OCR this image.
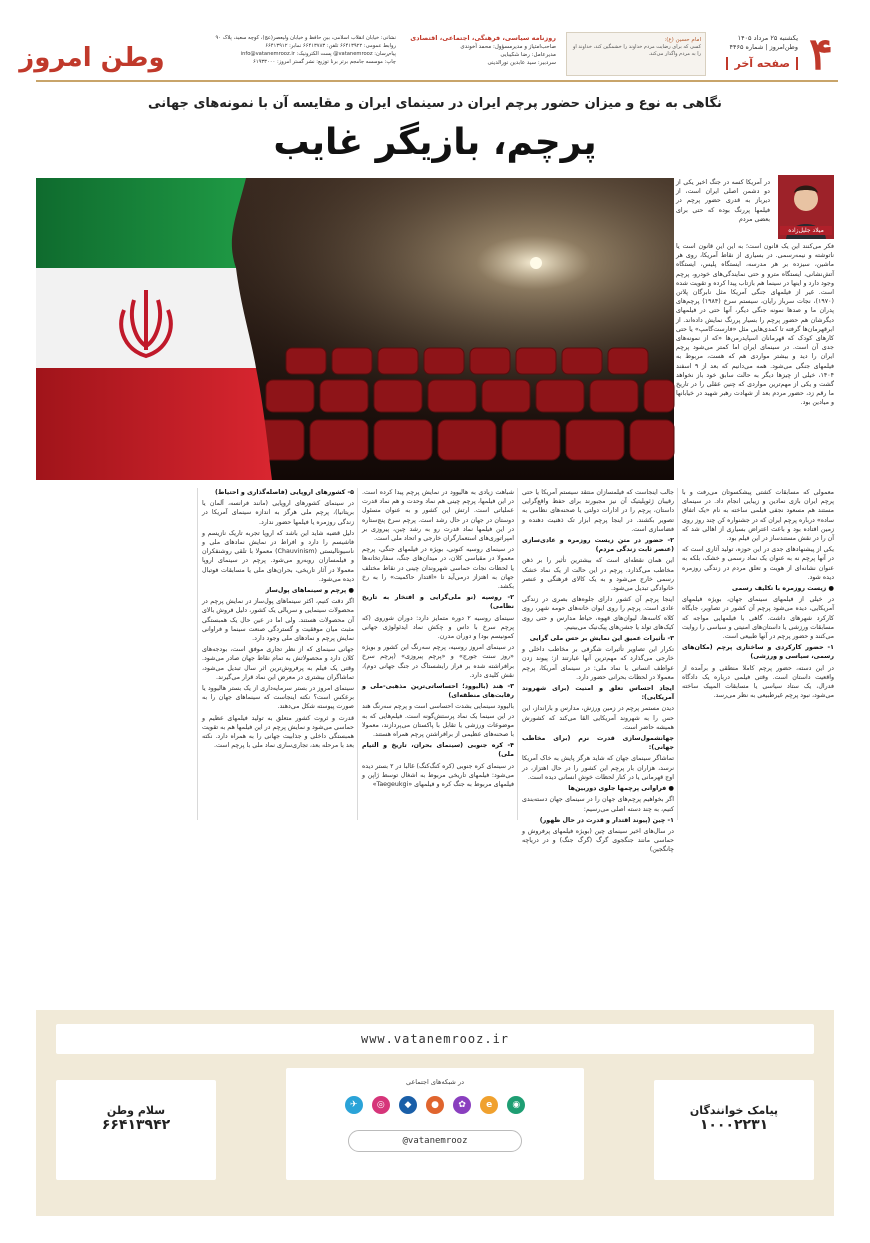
۴
یکشنبه ۲۵ مرداد ۱۴۰۵
وطن‌امروز | شماره ۴۴۶۵
صفحه آخر
امام حسین (ع):
کسی که برای رضایت مردم خداوند را خشمگین کند، خداوند او را به مردم واگذار می‌کند.
روزنامه سیاسی، فرهنگی، اجتماعی، اقتصادی
صاحب‌امتیاز و مدیرمسؤول: محمد آخوندی
مدیرعامل: رضا شکیبایی
سردبیر: سید عابدین نورالدینی
نشانی: خیابان انقلاب اسلامی، بین حافظ و خیابان ولیعصر(عج)، کوچه سعید، پلاک ۹۰
روابط عمومی: ۶۶۴۱۳۹۲۲ تلفن: ۶۶۴۱۳۷۸۳ نمابر: ۶۶۴۱۳۹۱۲
پیام‌رسان: vatanemrooz@ پست الکترونیک: info@vatanemrooz.ir
چاپ: موسسه جامجم برتر برنا توزیع: نشر گستر امروز: ۶۱۹۳۳۰۰۰
وطن امروز
نگاهی به نوع و میزان حضور پرچم ایران در سینمای ایران و مقایسه آن با نمونه‌های جهانی
پرچم، بازیگر غایب
میلاد جلیل‌زاده

در آمریکا کسه در جنگ اخیر یکی از دو دشمن اصلی ایران است، از دیرباز به قدری حضور پرچم در فیلمها پررنگ بوده که حتی برای بعضی مردم

فکر می‌کنند این یک قانون است؛ به این این قانون است یا ناتوشته و نیمه‌رسمی. در بسیاری از نقاط آمریکا، روی هر ماشین، سیزده بر هر مدرسه، ایستگاه پلیس، ایستگاه آتش‌نشانی، ایستگاه مترو و حتی نمایندگی‌های خودرو، پرچم وجود دارد و اینها در سینما هم بازتاب پیدا کرده و تقویت شده است. غیر از فیلمهای جنگی آمریکا مثل نابرگان پلاتن (۱۹۷۰)، نجات سرباز رایان، سیستم سرخ (۱۹۸۴) پرچم‌های پدران ما و صدها نمونه جنگی دیگر، آنها حتی در فیلمهای دیگرشان هم حضور پرچم را بسیار پررنگ نمایش داده‌اند. از ابرقهرمان‌ها گرفته تا کمدی‌هایی مثل «فارست‌گامپ» یا حتی کارهای کودک که قهرمانان اسپایدرمن‌ها «که از نمونه‌های جدی آن است. در سینمای ایران اما کمتر می‌شود پرچم ایران را دید و بیشتر مواردی هم که هست، مربوط به فیلمهای جنگی می‌شود. همه می‌دانیم که بعد از ۹ اسفند ۱۴۰۴، خیلی از چیزها دیگر به حالت سابق خود باز نخواهد گشت و یکی از مهم‌ترین مواردی که چنین عقلی را در تاریخ ما رقم زد، حضور مردم بعد از شهادت رهبر شهید در خیابانها و میادین بود.

معمولی که مسابقات کشتی پیشکسوتان می‌رفت و با پرچم ایران بازی نمادین و زیبایی انجام داد. در سینمای مستند هم مسعود نجفی فیلمی ساخته به نام «یک اتفاق ساده» درباره پرچم ایران که در جشنواره کن چند روز روی زمین افتاده بود و باعث اعتراض بسیاری از اهالی شد که آن را در نقش مستندساز در این فیلم بود.

یکی از پیشنهادهای جدی در این حوزه، تولید آثاری است که در آنها پرچم نه به عنوان یک نماد رسمی و خشک، بلکه به عنوان نشانه‌ای از هویت و تعلق مردم در زندگی روزمره دیده شود.

● زیست روزمره با تکلیف رسمی

در خیلی از فیلمهای سینمای جهان، بویژه فیلمهای آمریکایی، دیده می‌شود پرچم آن کشور در تصاویر، جایگاه کارکرد شهرهای داشت. گاهی با فیلمهایی مواجه که مسابقات ورزشی یا داستان‌های امنیتی و سیاسی را روایت می‌کنند و حضور پرچم در آنها طبیعی است.

۱- حضور کارکردی و ساختاری پرچم (مکان‌های رسمی، سیاسی و ورزشی)

در این دسته، حضور پرچم کاملا منطقی و برآمده از واقعیت داستان است. وقتی فیلمی درباره یک دادگاه فدرال، یک ستاد سیاسی یا مسابقات المپیک ساخته می‌شود، نبود پرچم غیرطبیعی به نظر می‌رسد.

جالب اینجاست که فیلمسازان منتقد سیستم آمریکا یا حتی رقیبان ژئوپلیتیک آن نیز مجبورند برای حفظ واقع‌گرایی داستان، پرچم را در ادارات دولتی یا صحنه‌های نظامی به تصویر بکشند. در اینجا پرچم ابزار تک ذهنیت دهنده و فضاسازی است.

۲- حضور در متن زیست روزمره و عادی‌سازی (عنصر ثابت زندگی مردم)

این همان نقطه‌ای است که بیشترین تأثیر را بر ذهن مخاطب می‌گذارد. پرچم در این حالت از یک نماد خشک رسمی خارج می‌شود و به یک کالای فرهنگی و عنصر خانوادگی تبدیل می‌شود.

اینجا پرچم آن کشور دارای جلوه‌های بصری در زندگی عادی است. پرچم را روی ایوان خانه‌های حومه شهر، روی کلاه کاسه‌ها، لیوان‌های قهوه، حیاط مدارس و حتی روی کیک‌های تولد یا جشن‌های پیک‌نیک می‌بینیم.

۳- تأثیرات عمیق این نمایش بر حس ملی گرایی

تکرار این تصاویر تأثیرات شگرفی بر مخاطب داخلی و خارجی می‌گذارد که مهم‌ترین آنها عبارتند از: پیوند زدن عواطف انسانی با نماد ملی: در سینمای آمریکا، پرچم معمولا در لحظات بحرانی حضور دارد.

ایجاد احساس تعلق و امنیت (برای شهروند آمریکایی):

دیدن مستمر پرچم در زمین ورزش، مدارس و بارانداز، این حس را به شهروند آمریکایی القا می‌کند که کشورش همیشه حاضر است.

جهانشمول‌سازی قدرت نرم (برای مخاطب جهانی):

تماشاگر سینمای جهان که شاید هرگز پایش به خاک آمریکا نرسد، هزاران بار پرچم این کشور را در حال اهتزاز، در اوج قهرمانی یا در کنار لحظات خوش انسانی دیده است.

● فراوانی پرچمها جلوی دوربین‌ها

اگر بخواهیم پرچم‌های جهان را در سینمای جهان دسته‌بندی کنیم، به چند دسته اصلی می‌رسیم:

۱- چین (پیوند اقتدار و قدرت در حال ظهور)

در سال‌های اخیر سینمای چین (بویژه فیلمهای پرفروش و حماسی مانند جنگجوی گرگ (گرگ جنگ) و در دریاچه چانگجین)

شباهت زیادی به هالیوود در نمایش پرچم پیدا کرده است. در این فیلمها، پرچم چینی هم نماد وحدت و هم نماد قدرت عملیاتی است. ارتش این کشور و به عنوان مسئول دوستان در جهان در حال رشد است. پرچم سرخ پنج‌ستاره در این فیلمها نماد قدرت رو به رشد چین، پیروزی بر امپراتوری‌های استعمارگران خارجی و اتحاد ملی است.

در سینمای روسیه کنونی، بویژه در فیلمهای جنگی، پرچم معمولا در مقیاسی کلان، در میدان‌های جنگ، سفارتخانه‌ها یا لحظات نجات حماسی شهروندان چینی در نقاط مختلف جهان به اهتزاز درمی‌آید تا «اقتدار حاکمیت» را به رخ بکشد.

۲- روسیه (نو ملی‌گرایی و افتخار به تاریخ نظامی)

سینمای روسیه ۲ دوره متمایز دارد: دوران شوروی (که پرچم سرخ با داس و چکش نماد ایدئولوژی جهانی کمونیسم بود) و دوران مدرن.

در سینمای امروز روسیه، پرچم سه‌رنگ این کشور و بویژه «روز سنت جورج» و «پرچم پیروزی» (پرچم سرخ برافراشته شده بر فراز رایشستاگ در جنگ جهانی دوم)، نقش کلیدی دارد.

۳- هند (بالیوود؛ احساساتی‌ترین مذهبی-ملی و رقابت‌های منطقه‌ای)

بالیوود سینمایی بشدت احساسی است و پرچم سه‌رنگ هند در این سینما یک نماد پرستش‌گونه است. فیلم‌هایی که به موضوعات ورزشی یا تقابل با پاکستان می‌پردازند، معمولا با صحنه‌های عظیمی از برافراشتن پرچم همراه هستند.

۴- کره جنوبی (سینمای بحران، تاریخ و التیام ملی)

در سینمای کره جنوبی (کره کنگ‌کنگ) غالبا در ۲ بستر دیده می‌شود: فیلمهای تاریخی مربوط به اشغال توسط ژاپن و فیلمهای مربوط به جنگ کره و فیلمهای «Taegeukgi»

۵- کشورهای اروپایی (فاصله‌گذاری و احتیاط)

در سینمای کشورهای اروپایی (مانند فرانسه، آلمان یا بریتانیا)، پرچم ملی هرگز به اندازه سینمای آمریکا در زندگی روزمره یا فیلمها حضور ندارد.

دلیل قضیه شاید این باشد که اروپا تجربه تاریک نازیسم و فاشیسم را دارد و افراط در نمایش نمادهای ملی و ناسیونالیستی (Chauvinism) معمولا با تلقی روشنفکران و فیلمسازان روبه‌رو می‌شود. پرچم در سینمای اروپا معمولا در آثار تاریخی، بحران‌های ملی یا مسابقات فوتبال دیده می‌شود.

● پرچم و سینماهای پول‌ساز

اگر دقت کنیم، اکثر سینماهای پول‌ساز در نمایش پرچم در محصولات سینمایی و سریالی یک کشور، دلیل فروش بالای آن محصولات هستند. ولی اما در عین حال یک همبستگی مثبت میان موفقیت و گستردگی صنعت سینما و فراوانی نمایش پرچم و نمادهای ملی وجود دارد.

جهانی سینمای که از نظر تجاری موفق است، بودجه‌های کلان دارد و محصولاتش به تمام نقاط جهان صادر می‌شود. وقتی یک فیلم به پرفروش‌ترین اثر سال تبدیل می‌شود، تماشاگران بیشتری در معرض این نماد قرار می‌گیرند.

سینمای امروز در بستر سرمایه‌داری از یک بستر هالیوود یا برعکس است؟ نکته اینجاست که سینماهای جهان را به صورت پیوسته شکل می‌دهند.

قدرت و ثروت کشور متعلق به تولید فیلمهای عظیم و حماسی می‌شود و نمایش پرچم در این فیلمها هم به تقویت همبستگی داخلی و جذابیت جهانی را به همراه دارد. نکته بعد با مرحله بعد، تجاری‌سازی نماد ملی با پرچم است.

www.vatanemrooz.ir
در شبکه‌های اجتماعی
✈ ◎ ◆ ● ✿ e ◉
@vatanemrooz
پیامک خوانندگان
۱۰۰۰۲۲۳۱
سلام وطن
۶۶۴۱۳۹۴۲
